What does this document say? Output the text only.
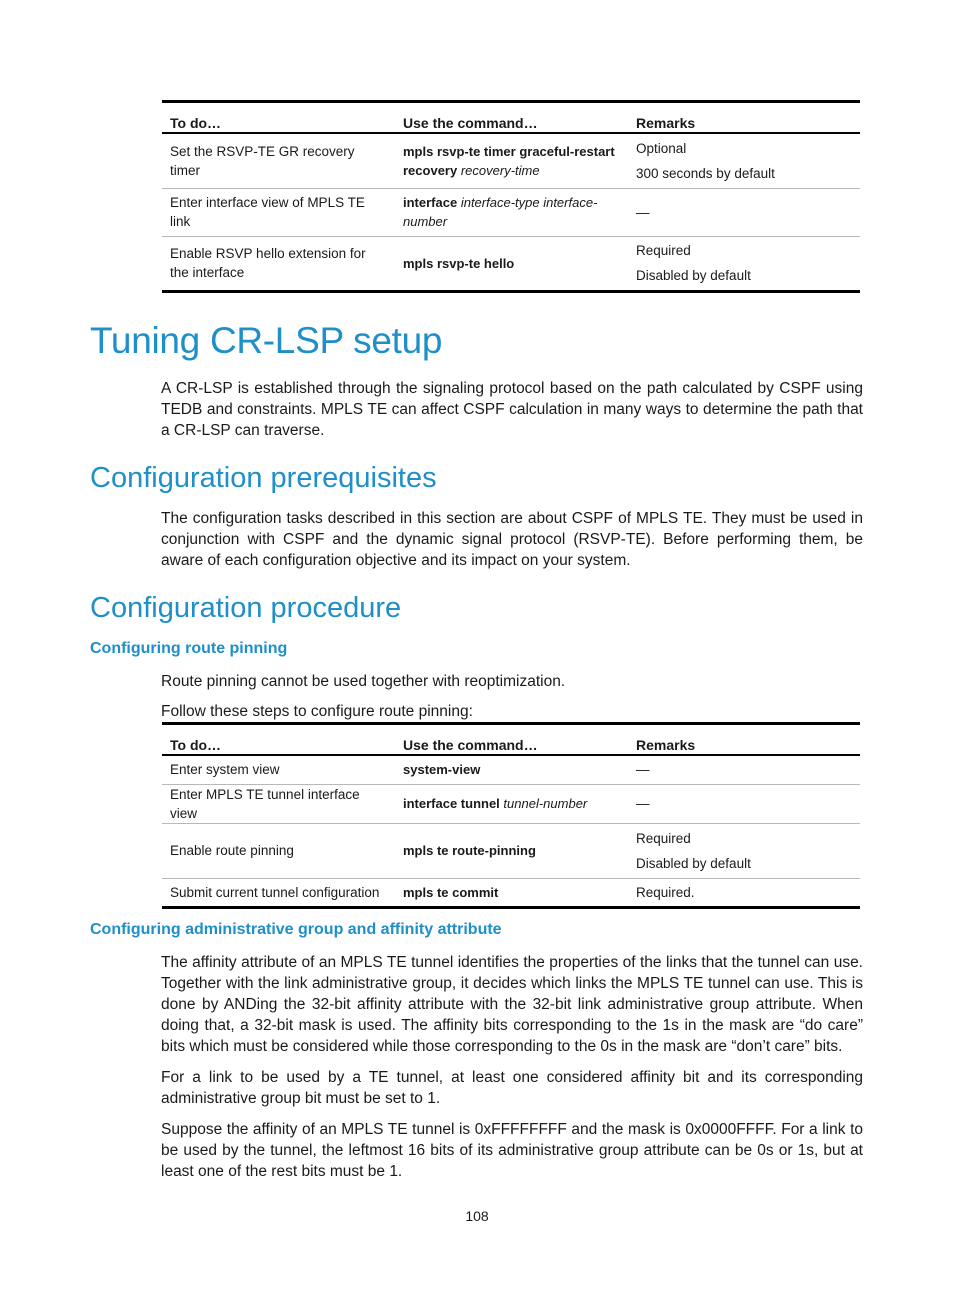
To do…	Use the command…	Remarks
Set the RSVP-TE GR recovery timer	mpls rsvp-te timer graceful-restart recovery recovery-time	Optional
300 seconds by default

Enter interface view of MPLS TE link	interface interface-type interface-number	—

Enable RSVP hello extension for the interface	mpls rsvp-te hello	Required
Disabled by default
Tuning CR-LSP setup

A CR-LSP is established through the signaling protocol based on the path calculated by CSPF using TEDB and constraints. MPLS TE can affect CSPF calculation in many ways to determine the path that a CR-LSP can traverse.

Configuration prerequisites

The configuration tasks described in this section are about CSPF of MPLS TE. They must be used in conjunction with CSPF and the dynamic signal protocol (RSVP-TE). Before performing them, be aware of each configuration objective and its impact on your system.

Configuration procedure
Configuring route pinning

Route pinning cannot be used together with reoptimization.

Follow these steps to configure route pinning:

To do…	Use the command…	Remarks
Enter system view	system-view	—

Enter MPLS TE tunnel interface view	interface tunnel tunnel-number	—

Enable route pinning	mpls te route-pinning	Required
Disabled by default

Submit current tunnel configuration	mpls te commit	Required.
Configuring administrative group and affinity attribute

The affinity attribute of an MPLS TE tunnel identifies the properties of the links that the tunnel can use. Together with the link administrative group, it decides which links the MPLS TE tunnel can use. This is done by ANDing the 32-bit affinity attribute with the 32-bit link administrative group attribute. When doing that, a 32-bit mask is used. The affinity bits corresponding to the 1s in the mask are “do care” bits which must be considered while those corresponding to the 0s in the mask are “don’t care” bits.

For a link to be used by a TE tunnel, at least one considered affinity bit and its corresponding administrative group bit must be set to 1.

Suppose the affinity of an MPLS TE tunnel is 0xFFFFFFFF and the mask is 0x0000FFFF. For a link to be used by the tunnel, the leftmost 16 bits of its administrative group attribute can be 0s or 1s, but at least one of the rest bits must be 1.

108
